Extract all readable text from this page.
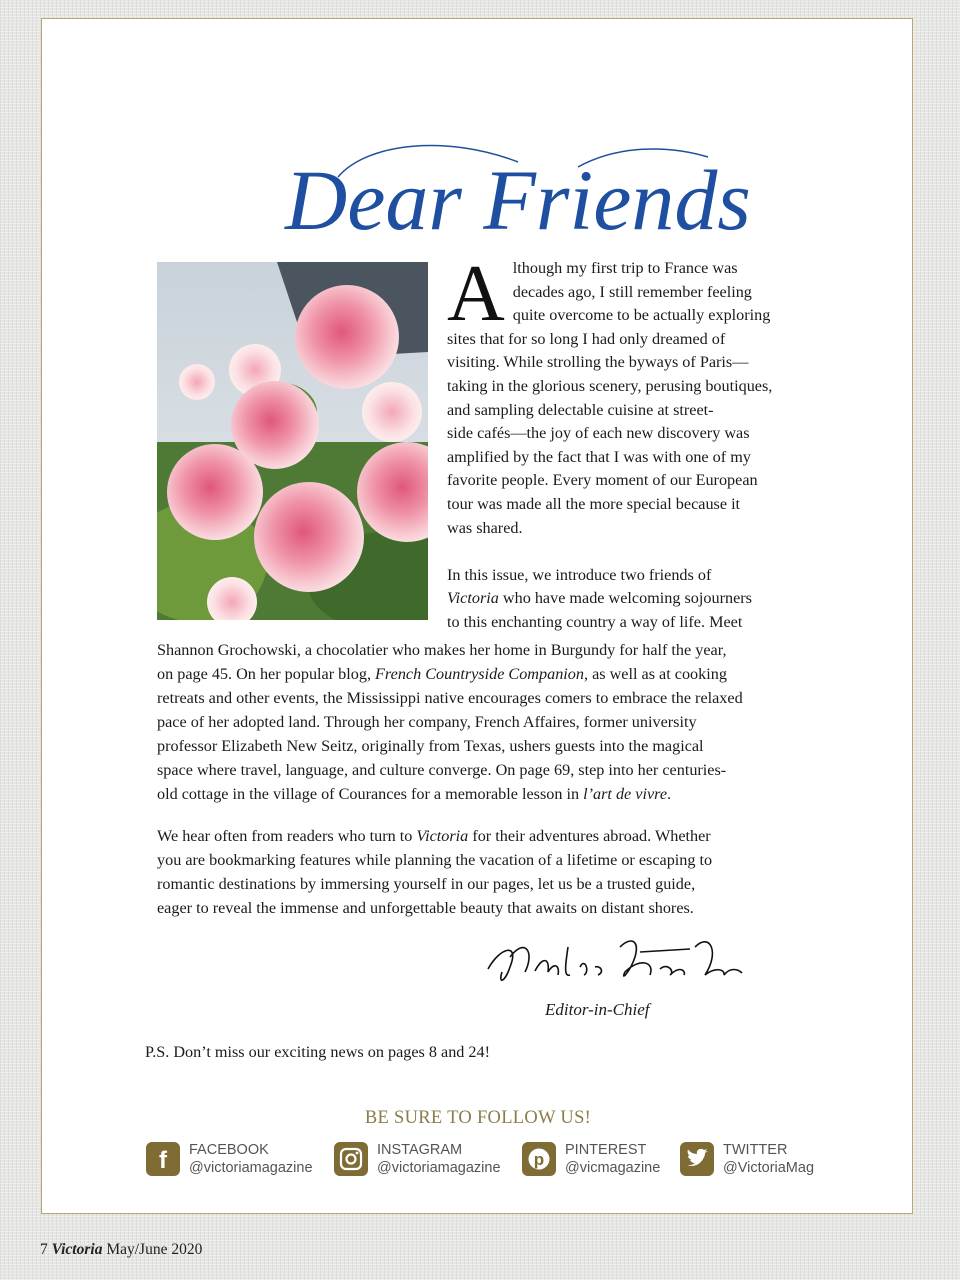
Dear Friends
A lthough my first trip to France was
decades ago, I still remember feeling
quite overcome to be actually exploring
sites that for so long I had only dreamed of
visiting. While strolling the byways of Paris—
taking in the glorious scenery, perusing boutiques,
and sampling delectable cuisine at street-
side cafés—the joy of each new discovery was
amplified by the fact that I was with one of my
favorite people. Every moment of our European
tour was made all the more special because it
was shared.
In this issue, we introduce two friends of
Victoria who have made welcoming sojourners
to this enchanting country a way of life. Meet
Shannon Grochowski, a chocolatier who makes her home in Burgundy for half the year,
on page 45. On her popular blog, French Countryside Companion, as well as at cooking
retreats and other events, the Mississippi native encourages comers to embrace the relaxed
pace of her adopted land. Through her company, French Affaires, former university
professor Elizabeth New Seitz, originally from Texas, ushers guests into the magical
space where travel, language, and culture converge. On page 69, step into her centuries-
old cottage in the village of Courances for a memorable lesson in l’art de vivre.
We hear often from readers who turn to Victoria for their adventures abroad. Whether
you are bookmarking features while planning the vacation of a lifetime or escaping to
romantic destinations by immersing yourself in our pages, let us be a trusted guide,
eager to reveal the immense and unforgettable beauty that awaits on distant shores.
Editor-in-Chief
P.S. Don’t miss our exciting news on pages 8 and 24!
BE SURE TO FOLLOW US!
f FACEBOOK
@victoriamagazine
INSTAGRAM
@victoriamagazine p PINTEREST
@vicmagazine
TWITTER
@VictoriaMag
7 Victoria May/June 2020
